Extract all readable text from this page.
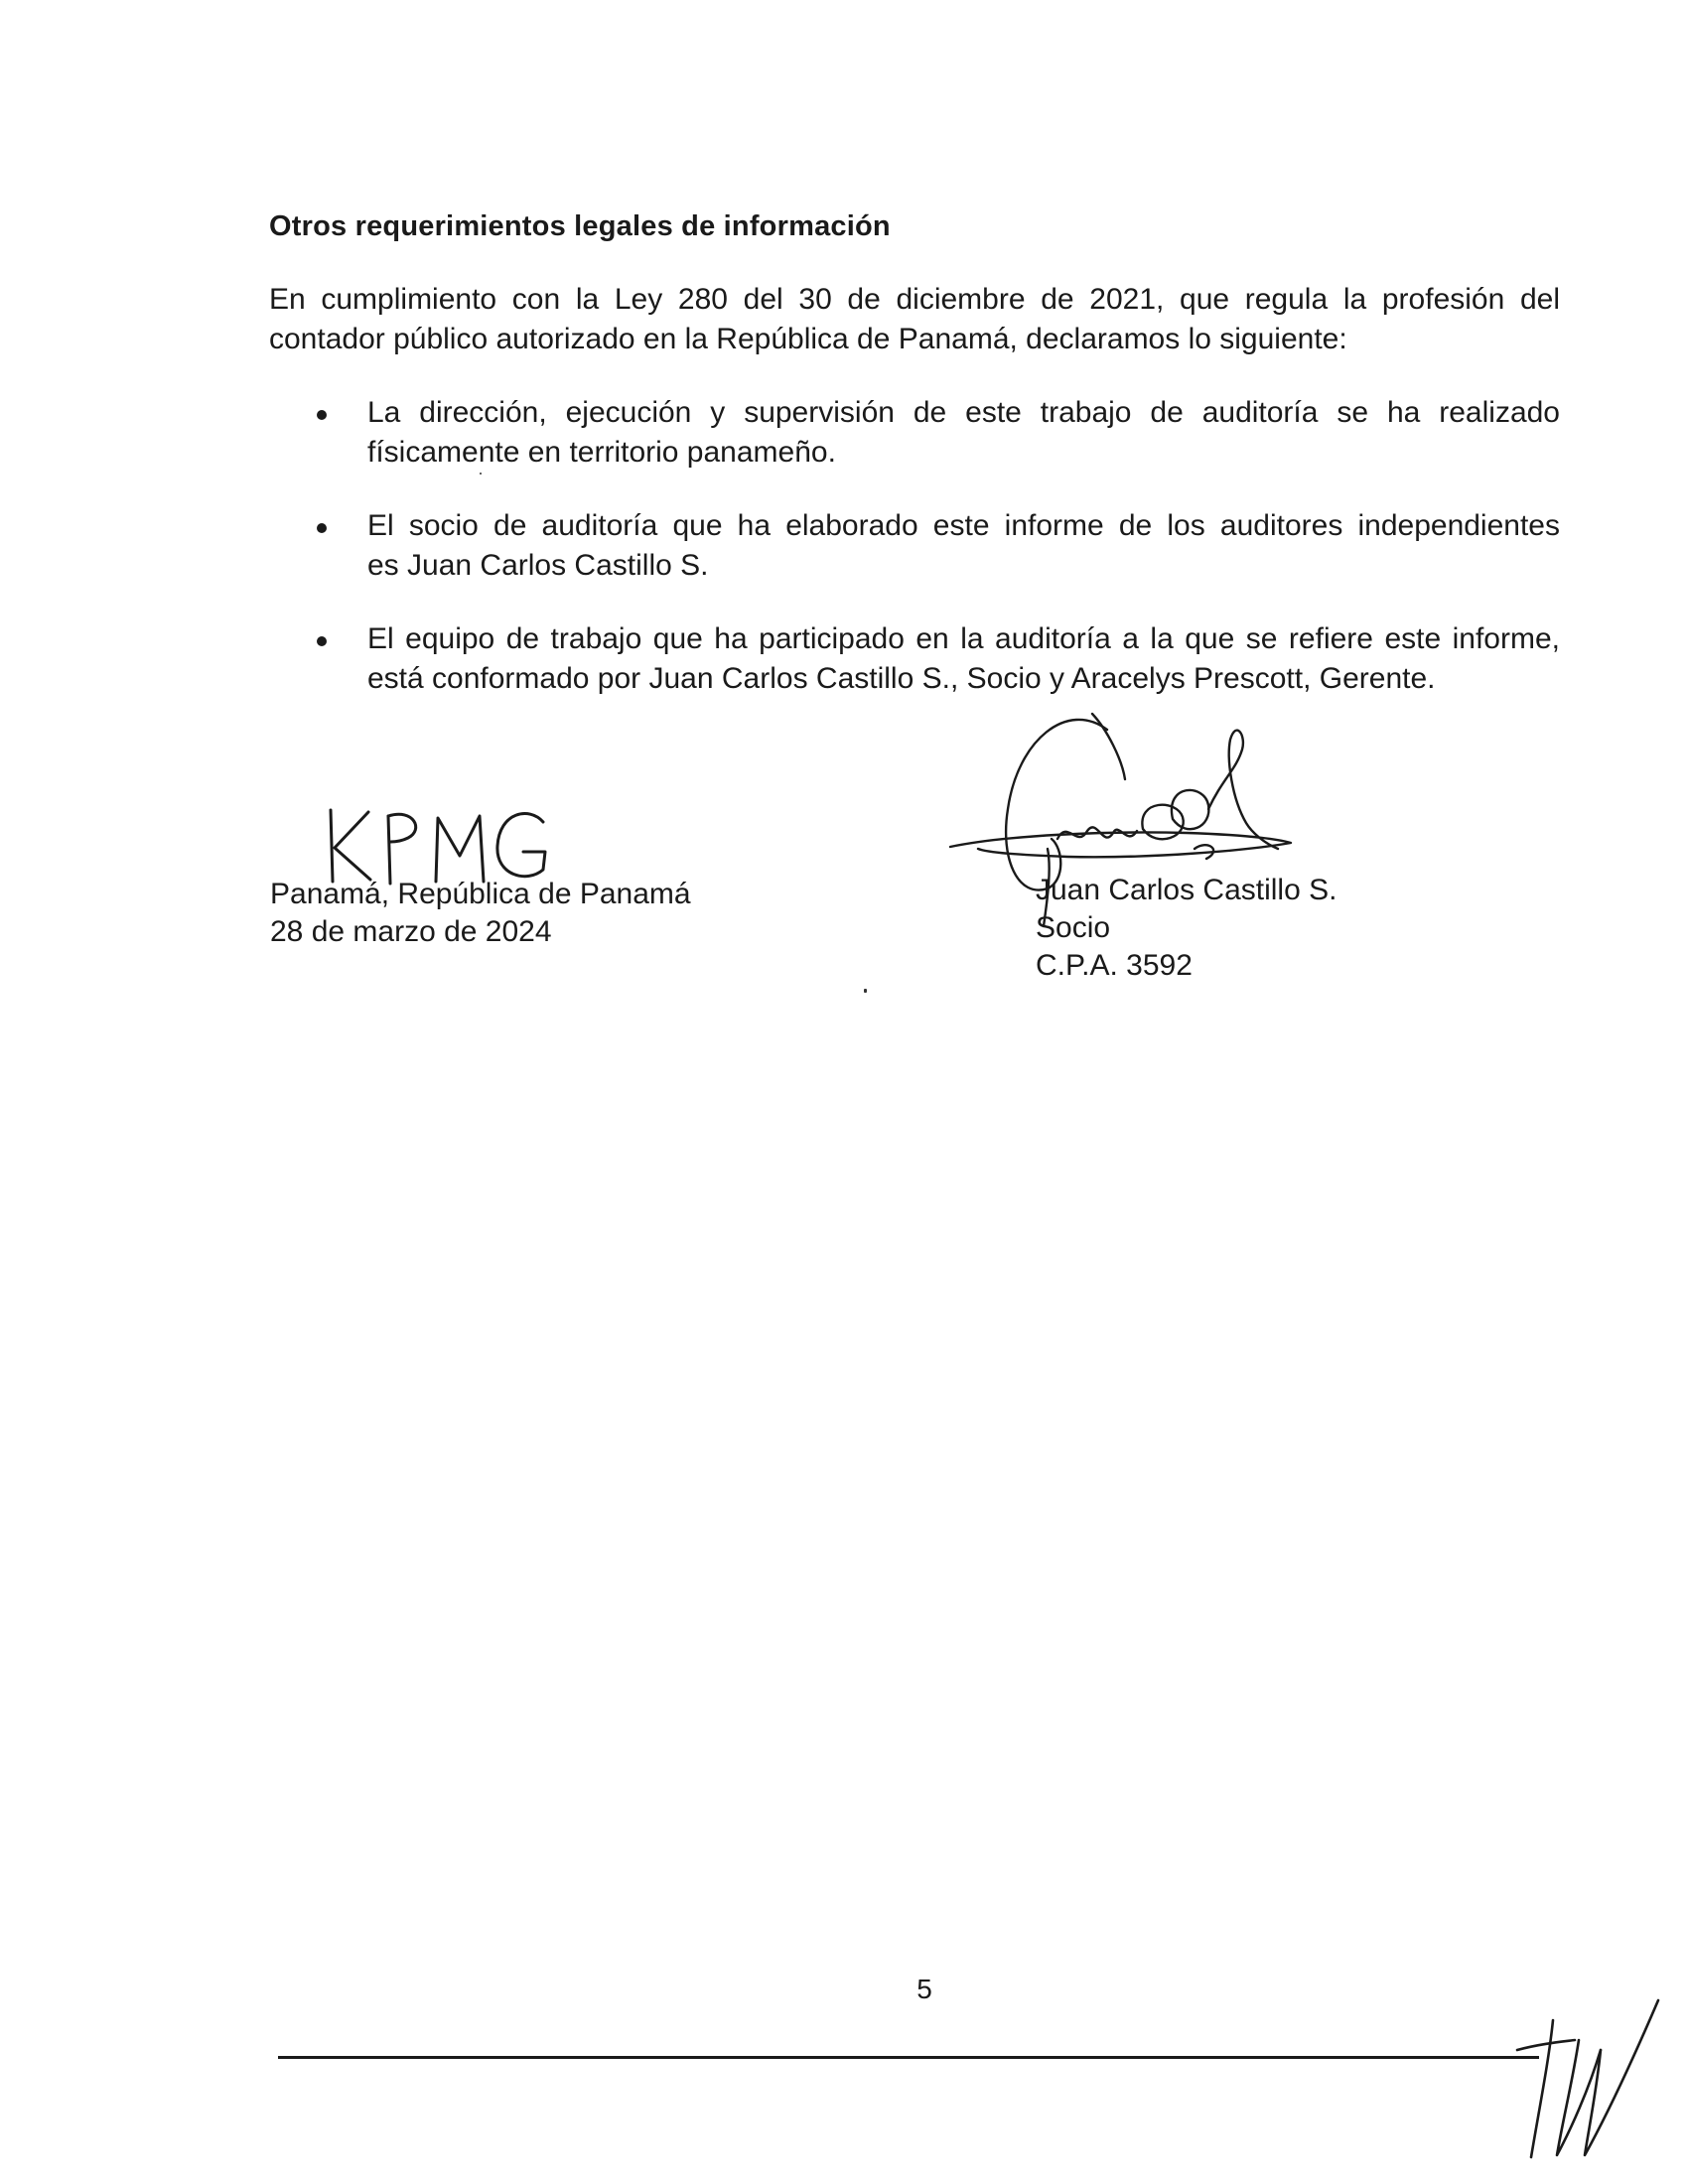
Otros requerimientos legales de información
En cumplimiento con la Ley 280 del 30 de diciembre de 2021, que regula la profesión del
contador público autorizado en la República de Panamá, declaramos lo siguiente:
La dirección, ejecución y supervisión de este trabajo de auditoría se ha realizado
físicamente en territorio panameño.
El socio de auditoría que ha elaborado este informe de los auditores independientes
es Juan Carlos Castillo S.
El equipo de trabajo que ha participado en la auditoría a la que se refiere este informe,
está conformado por Juan Carlos Castillo S., Socio y Aracelys Prescott, Gerente.
Panamá, República de Panamá
28 de marzo de 2024
Juan Carlos Castillo S.
Socio
C.P.A. 3592
5
